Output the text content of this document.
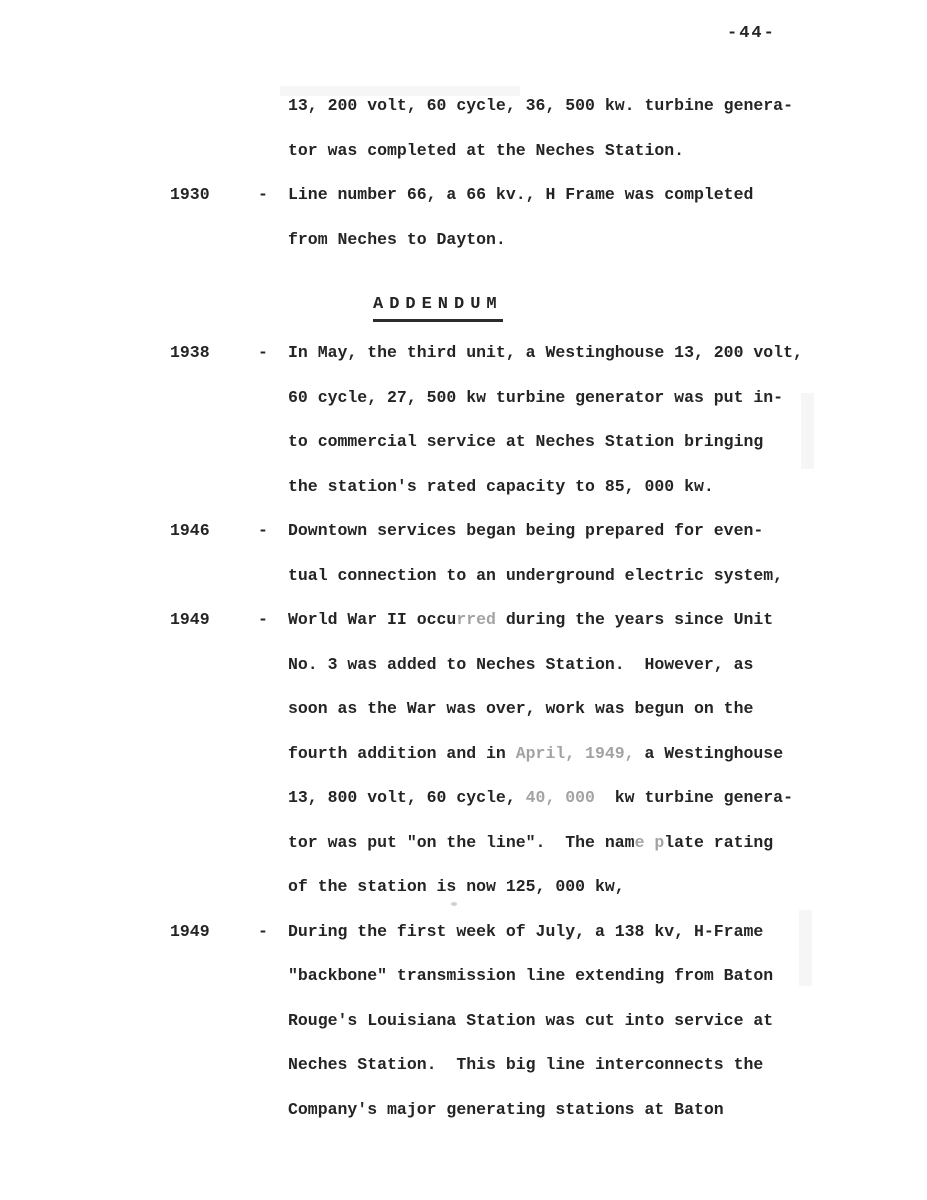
-44-
13, 200 volt, 60 cycle, 36, 500 kw. turbine genera-
tor was completed at the Neches Station.
1930	-	Line number 66, a 66 kv., H Frame was completed
from Neches to Dayton.
ADDENDUM
1938	-	In May, the third unit, a Westinghouse 13, 200 volt,
60 cycle, 27, 500 kw turbine generator was put in-
to commercial service at Neches Station bringing
the station's rated capacity to 85, 000 kw.
1946	-	Downtown services began being prepared for even-
tual connection to an underground electric system,
1949	-	World War II occurred during the years since Unit
No. 3 was added to Neches Station.  However, as
soon as the War was over, work was begun on the
fourth addition and in April, 1949, a Westinghouse
13, 800 volt, 60 cycle, 40, 000  kw turbine genera-
tor was put "on the line".  The name plate rating
of the station is now 125, 000 kw,
1949	-	During the first week of July, a 138 kv, H-Frame
"backbone" transmission line extending from Baton
Rouge's Louisiana Station was cut into service at
Neches Station.  This big line interconnects the
Company's major generating stations at Baton
